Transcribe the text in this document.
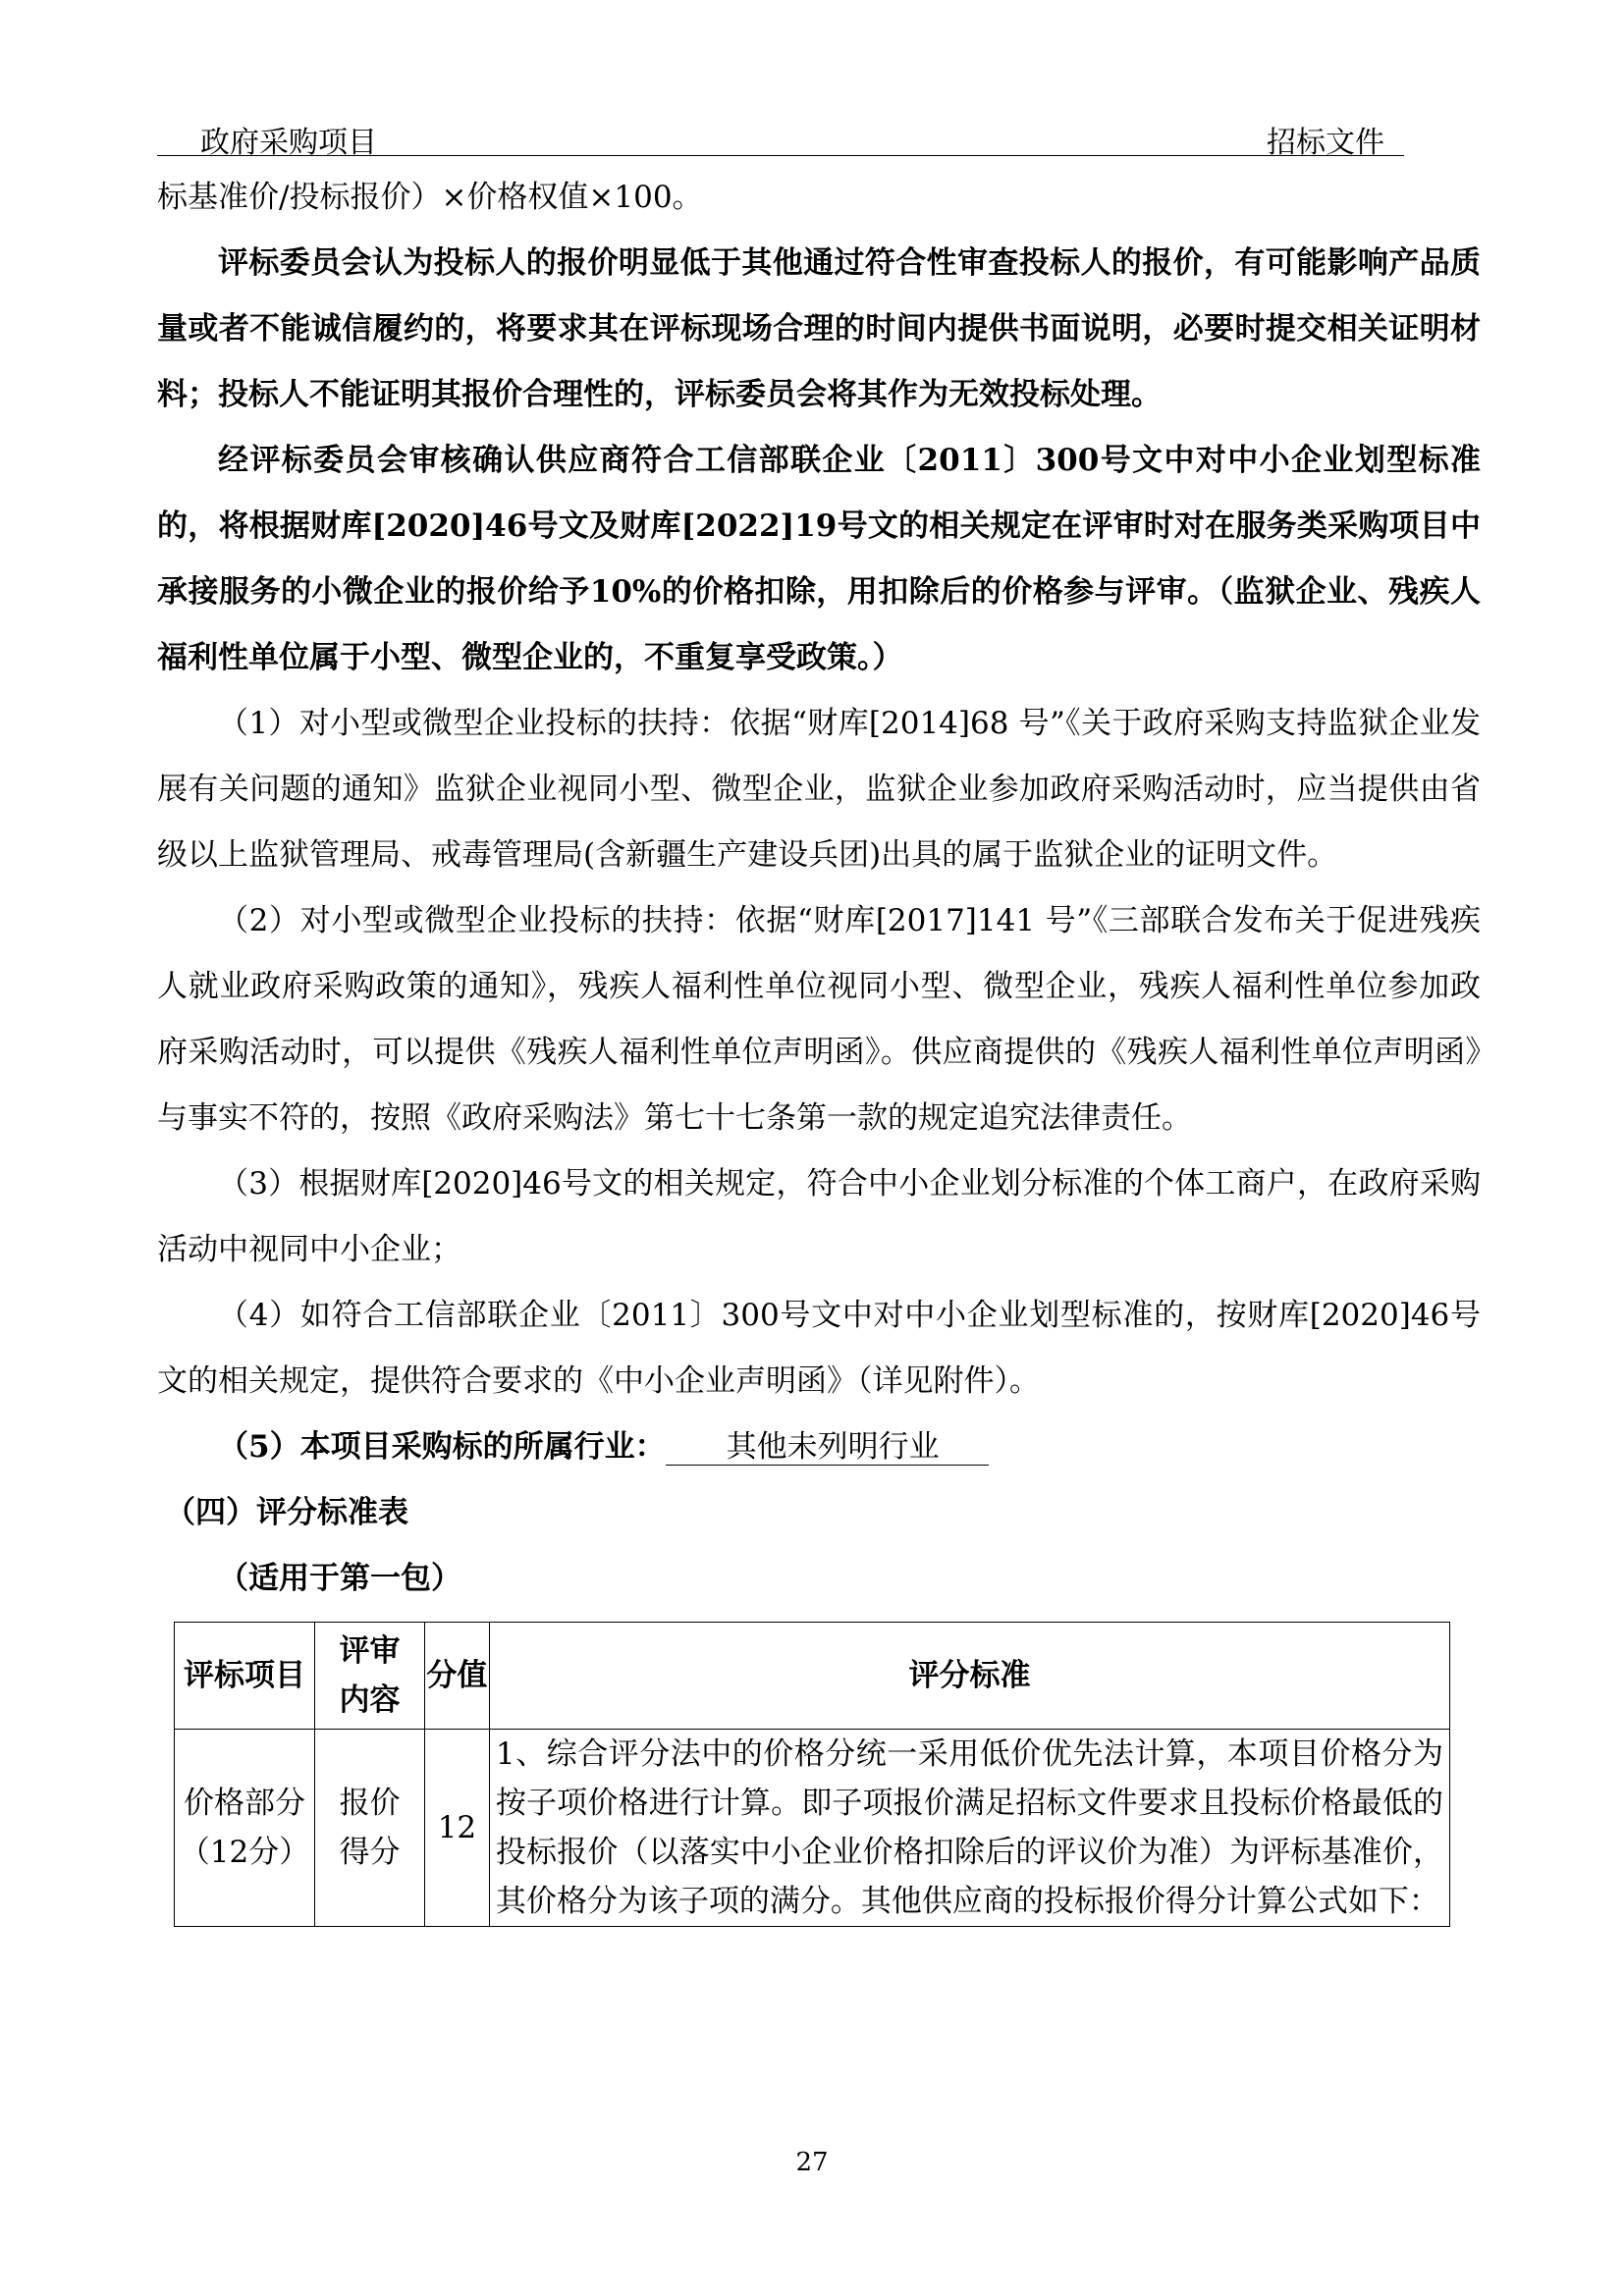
政府采购项目	招标文件

标基准价/投标报价）×价格权值×100。

评标委员会认为投标人的报价明显低于其他通过符合性审查投标人的报价，有可能影响产品质量或者不能诚信履约的，将要求其在评标现场合理的时间内提供书面说明，必要时提交相关证明材料；投标人不能证明其报价合理性的，评标委员会将其作为无效投标处理。

经评标委员会审核确认供应商符合工信部联企业〔2011〕300号文中对中小企业划型标准的，将根据财库[2020]46号文及财库[2022]19号文的相关规定在评审时对在服务类采购项目中承接服务的小微企业的报价给予10%的价格扣除，用扣除后的价格参与评审。（监狱企业、残疾人福利性单位属于小型、微型企业的，不重复享受政策。）

（1）对小型或微型企业投标的扶持：依据“财库[2014]68 号”《关于政府采购支持监狱企业发展有关问题的通知》监狱企业视同小型、微型企业，监狱企业参加政府采购活动时，应当提供由省级以上监狱管理局、戒毒管理局(含新疆生产建设兵团)出具的属于监狱企业的证明文件。

（2）对小型或微型企业投标的扶持：依据“财库[2017]141 号”《三部联合发布关于促进残疾人就业政府采购政策的通知》，残疾人福利性单位视同小型、微型企业，残疾人福利性单位参加政府采购活动时，可以提供《残疾人福利性单位声明函》。供应商提供的《残疾人福利性单位声明函》与事实不符的，按照《政府采购法》第七十七条第一款的规定追究法律责任。

（3）根据财库[2020]46号文的相关规定，符合中小企业划分标准的个体工商户，在政府采购活动中视同中小企业；

（4）如符合工信部联企业〔2011〕300号文中对中小企业划型标准的，按财库[2020]46号文的相关规定，提供符合要求的《中小企业声明函》（详见附件）。

（5）本项目采购标的所属行业： 其他未列明行业

（四）评分标准表
（适用于第一包）
评标项目	评审内容	分值	评分标准
价格部分（12分）	报价得分	12	1、综合评分法中的价格分统一采用低价优先法计算，本项目价格分为按子项价格进行计算。即子项报价满足招标文件要求且投标价格最低的投标报价（以落实中小企业价格扣除后的评议价为准）为评标基准价，其价格分为该子项的满分。其他供应商的投标报价得分计算公式如下：
27
